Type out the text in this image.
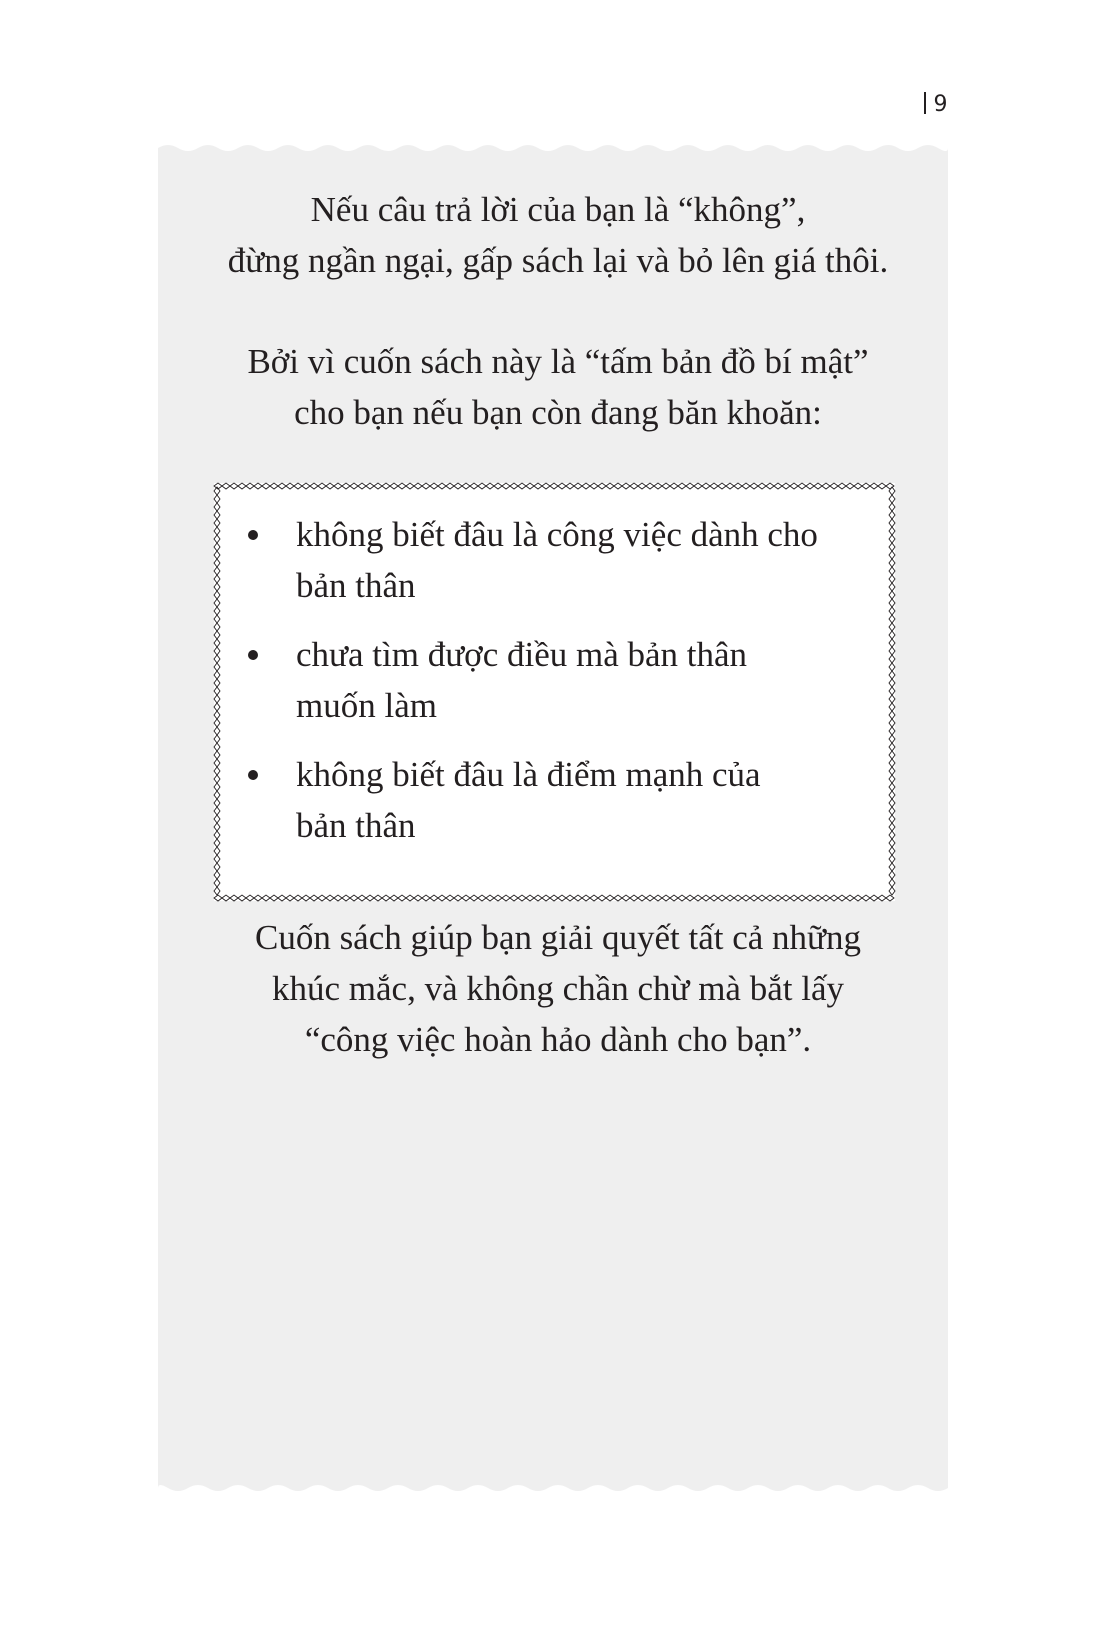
9

Nếu câu trả lời của bạn là “không”,
đừng ngần ngại, gấp sách lại và bỏ lên giá thôi.

Bởi vì cuốn sách này là “tấm bản đồ bí mật”
cho bạn nếu bạn còn đang băn khoăn:

Cuốn sách giúp bạn giải quyết tất cả những
khúc mắc, và không chần chừ mà bắt lấy
“công việc hoàn hảo dành cho bạn”.

không biết đâu là công việc dành cho
bản thân
chưa tìm được điều mà bản thân
muốn làm
không biết đâu là điểm mạnh của
bản thân
